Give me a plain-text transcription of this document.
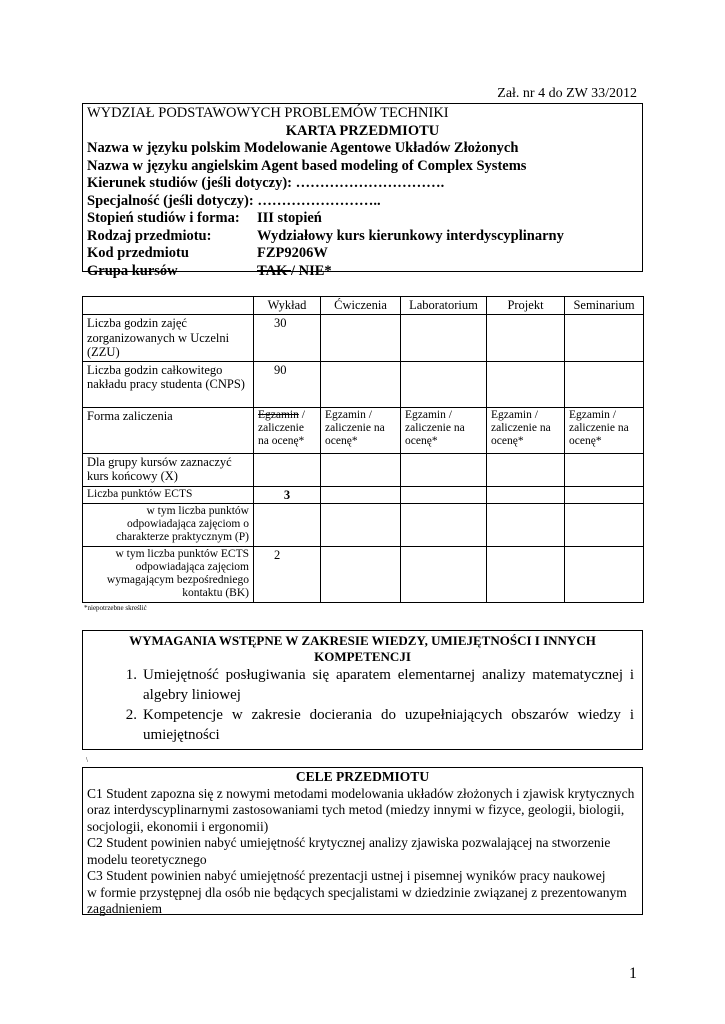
Zał. nr 4 do ZW 33/2012
WYDZIAŁ PODSTAWOWYCH PROBLEMÓW TECHNIKI
KARTA PRZEDMIOTU
Nazwa w języku polskim Modelowanie Agentowe Układów Złożonych
Nazwa w języku angielskim Agent based modeling of Complex Systems
Kierunek studiów (jeśli dotyczy): ………………………….
Specjalność (jeśli dotyczy): ……………………..
Stopień studiów i forma:	III stopień
Rodzaj przedmiotu:	Wydziałowy kurs kierunkowy interdyscyplinarny
Kod przedmiotu	FZP9206W
Grupa kursów	TAK / NIE*
	Wykład	Ćwiczenia	Laboratorium	Projekt	Seminarium
Liczba godzin zajęć zorganizowanych w Uczelni (ZZU)	30				
Liczba godzin całkowitego nakładu pracy studenta (CNPS)	90				
Forma zaliczenia	Egzamin / zaliczenie na ocenę*	Egzamin / zaliczenie na ocenę*	Egzamin / zaliczenie na ocenę*	Egzamin / zaliczenie na ocenę*	Egzamin / zaliczenie na ocenę*
Dla grupy kursów zaznaczyć kurs końcowy (X)					
Liczba punktów ECTS	3				
w tym liczba punktów odpowiadająca zajęciom o charakterze praktycznym (P)					
w tym liczba punktów ECTS odpowiadająca zajęciom wymagającym bezpośredniego kontaktu (BK)	2				
*niepotrzebne skreślić
WYMAGANIA WSTĘPNE W ZAKRESIE WIEDZY, UMIEJĘTNOŚCI I INNYCH
KOMPETENCJI
1. Umiejętność posługiwania się aparatem elementarnej analizy matematycznej i algebry liniowej
2. Kompetencje w zakresie docierania do uzupełniających obszarów wiedzy i umiejętności
\
CELE PRZEDMIOTU
C1 Student zapozna się z nowymi metodami modelowania układów złożonych i zjawisk krytycznych
oraz interdyscyplinarnymi zastosowaniami tych metod (miedzy innymi w fizyce, geologii, biologii,
socjologii, ekonomii i ergonomii)
C2 Student powinien nabyć umiejętność krytycznej analizy zjawiska pozwalającej na stworzenie
modelu teoretycznego
C3 Student powinien nabyć umiejętność prezentacji ustnej i pisemnej wyników pracy naukowej
w formie przystępnej dla osób nie będących specjalistami w dziedzinie związanej z prezentowanym
zagadnieniem
1
